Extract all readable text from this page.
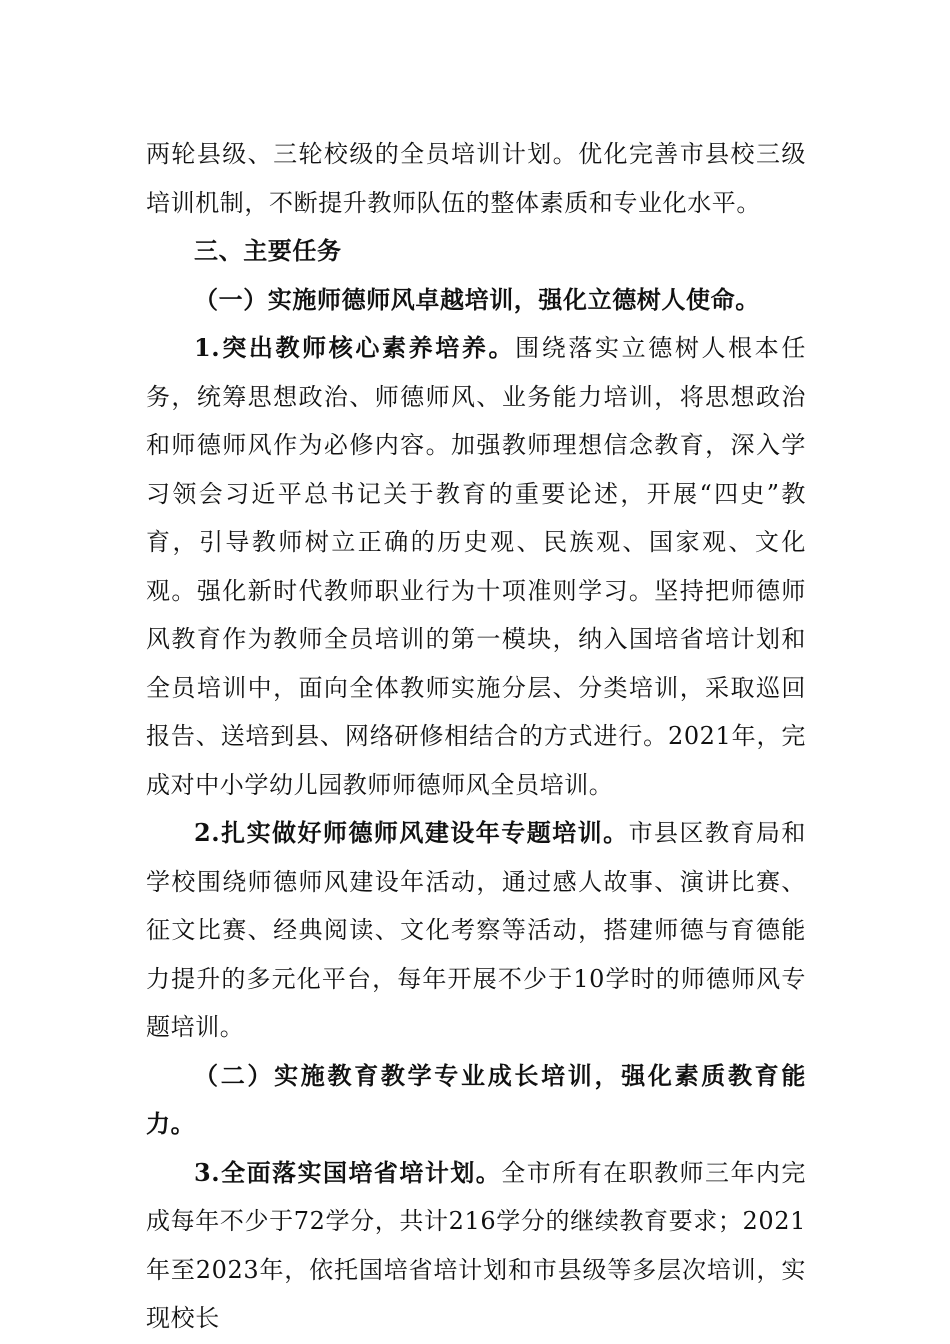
两轮县级、三轮校级的全员培训计划。优化完善市县校三级培训机制，不断提升教师队伍的整体素质和专业化水平。

三、主要任务

（一）实施师德师风卓越培训，强化立德树人使命。

1.突出教师核心素养培养。围绕落实立德树人根本任务，统筹思想政治、师德师风、业务能力培训，将思想政治和师德师风作为必修内容。加强教师理想信念教育，深入学习领会习近平总书记关于教育的重要论述，开展“四史”教育，引导教师树立正确的历史观、民族观、国家观、文化观。强化新时代教师职业行为十项准则学习。坚持把师德师风教育作为教师全员培训的第一模块，纳入国培省培计划和全员培训中，面向全体教师实施分层、分类培训，采取巡回报告、送培到县、网络研修相结合的方式进行。2021年，完成对中小学幼儿园教师师德师风全员培训。

2.扎实做好师德师风建设年专题培训。市县区教育局和学校围绕师德师风建设年活动，通过感人故事、演讲比赛、征文比赛、经典阅读、文化考察等活动，搭建师德与育德能力提升的多元化平台，每年开展不少于10学时的师德师风专题培训。

（二）实施教育教学专业成长培训，强化素质教育能力。

3.全面落实国培省培计划。全市所有在职教师三年内完成每年不少于72学分，共计216学分的继续教育要求；2021年至2023年，依托国培省培计划和市县级等多层次培训，实现校长
